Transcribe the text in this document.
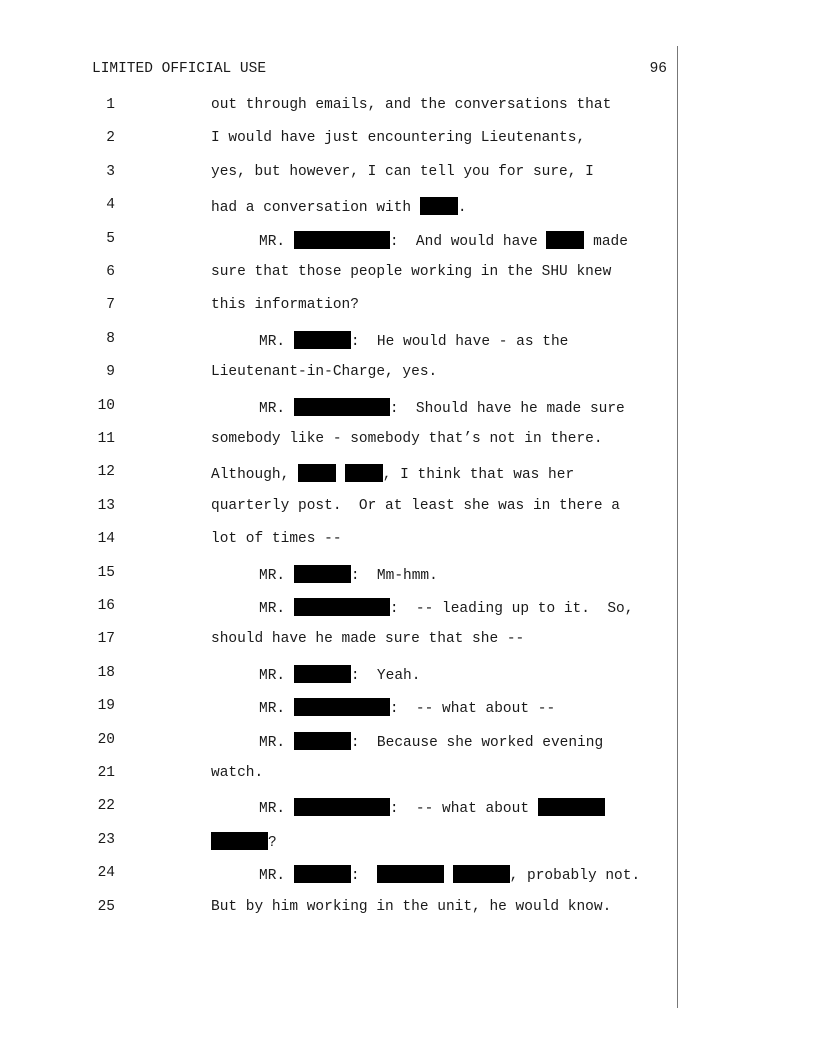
LIMITED OFFICIAL USE	96
1	out through emails, and the conversations that
2	I would have just encountering Lieutenants,
3	yes, but however, I can tell you for sure, I
4	had a conversation with	.
5	MR.	:  And would have	made
6	sure that those people working in the SHU knew
7	this information?
8	MR.	:  He would have - as the
9	Lieutenant-in-Charge, yes.
10	MR.	:  Should have he made sure
11	somebody like - somebody that’s not in there.
12	Although,	, I think that was her
13	quarterly post.  Or at least she was in there a
14	lot of times --
15	MR.	:  Mm-hmm.
16	MR.	:  -- leading up to it.  So,
17	should have he made sure that she --
18	MR.	:  Yeah.
19	MR.	:  -- what about --
20	MR.	:  Because she worked evening
21	watch.
22	MR.	:  -- what about
23	?
24	MR.	:	, probably not.
25	But by him working in the unit, he would know.
